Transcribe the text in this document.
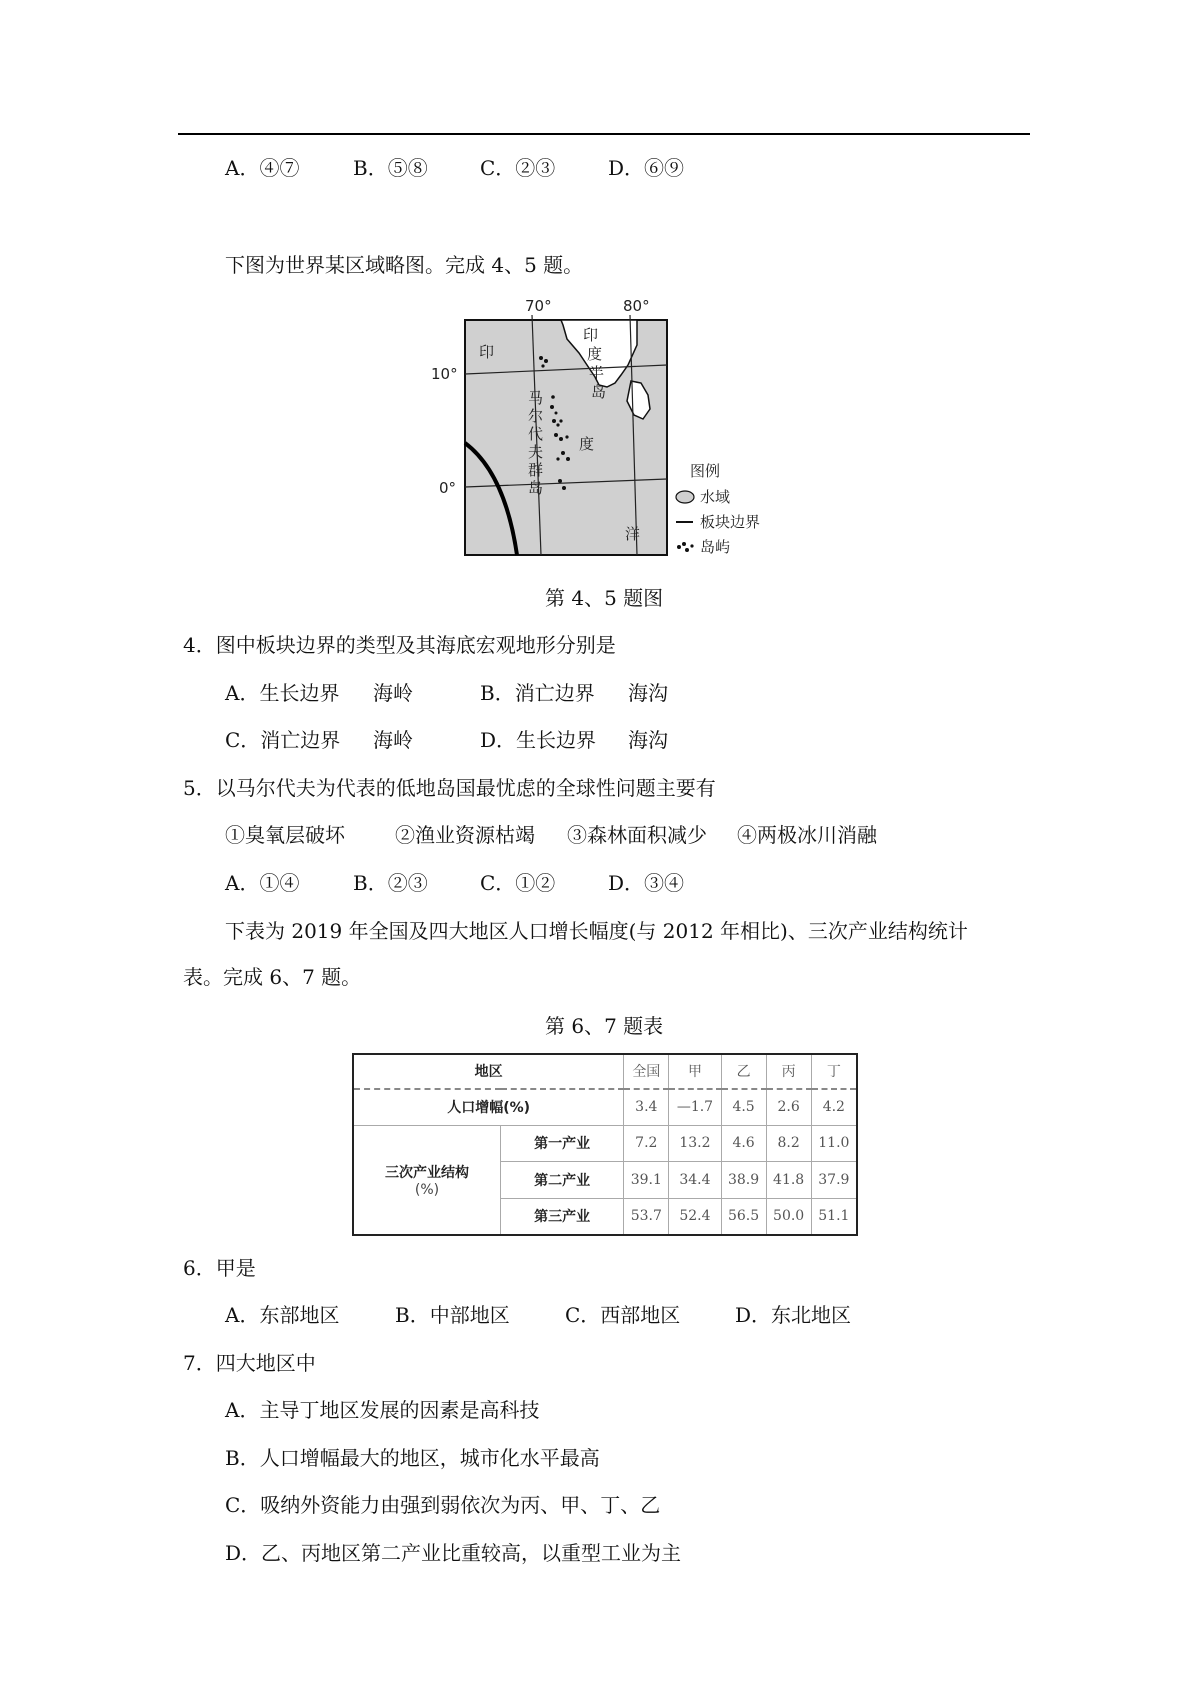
A．④⑦	B．⑤⑧	C．②③	D．⑥⑨
下图为世界某区域略图。完成 4、5 题。
70°	80°
10°
0°
印
度
半
岛
印
度
洋
马
尔
代
夫
群
岛
图例
水域
板块边界
岛屿
第 4、5 题图
4．图中板块边界的类型及其海底宏观地形分别是
A．生长边界 海岭	B．消亡边界 海沟
C．消亡边界 海岭	D．生长边界 海沟
5．以马尔代夫为代表的低地岛国最忧虑的全球性问题主要有
①臭氧层破坏	②渔业资源枯竭 ③森林面积减少 ④两极冰川消融
A．①④	B．②③	C．①②	D．③④
下表为 2019 年全国及四大地区人口增长幅度(与 2012 年相比)、三次产业结构统计
表。完成 6、7 题。
第 6、7 题表
地区		全国	甲	乙	丙	丁
人口增幅(%)		3.4	—1.7	4.5	2.6	4.2

三次产业结构
(%)	第一产业	7.2	13.2	4.6	8.2	11.0
	第二产业	39.1	34.4	38.9	41.8	37.9
	第三产业	53.7	52.4	56.5	50.0	51.1
6．甲是
A．东部地区	B．中部地区	C．西部地区	D．东北地区
7．四大地区中
A．主导丁地区发展的因素是高科技
B．人口增幅最大的地区，城市化水平最高
C．吸纳外资能力由强到弱依次为丙、甲、丁、乙
D．乙、丙地区第二产业比重较高，以重型工业为主
